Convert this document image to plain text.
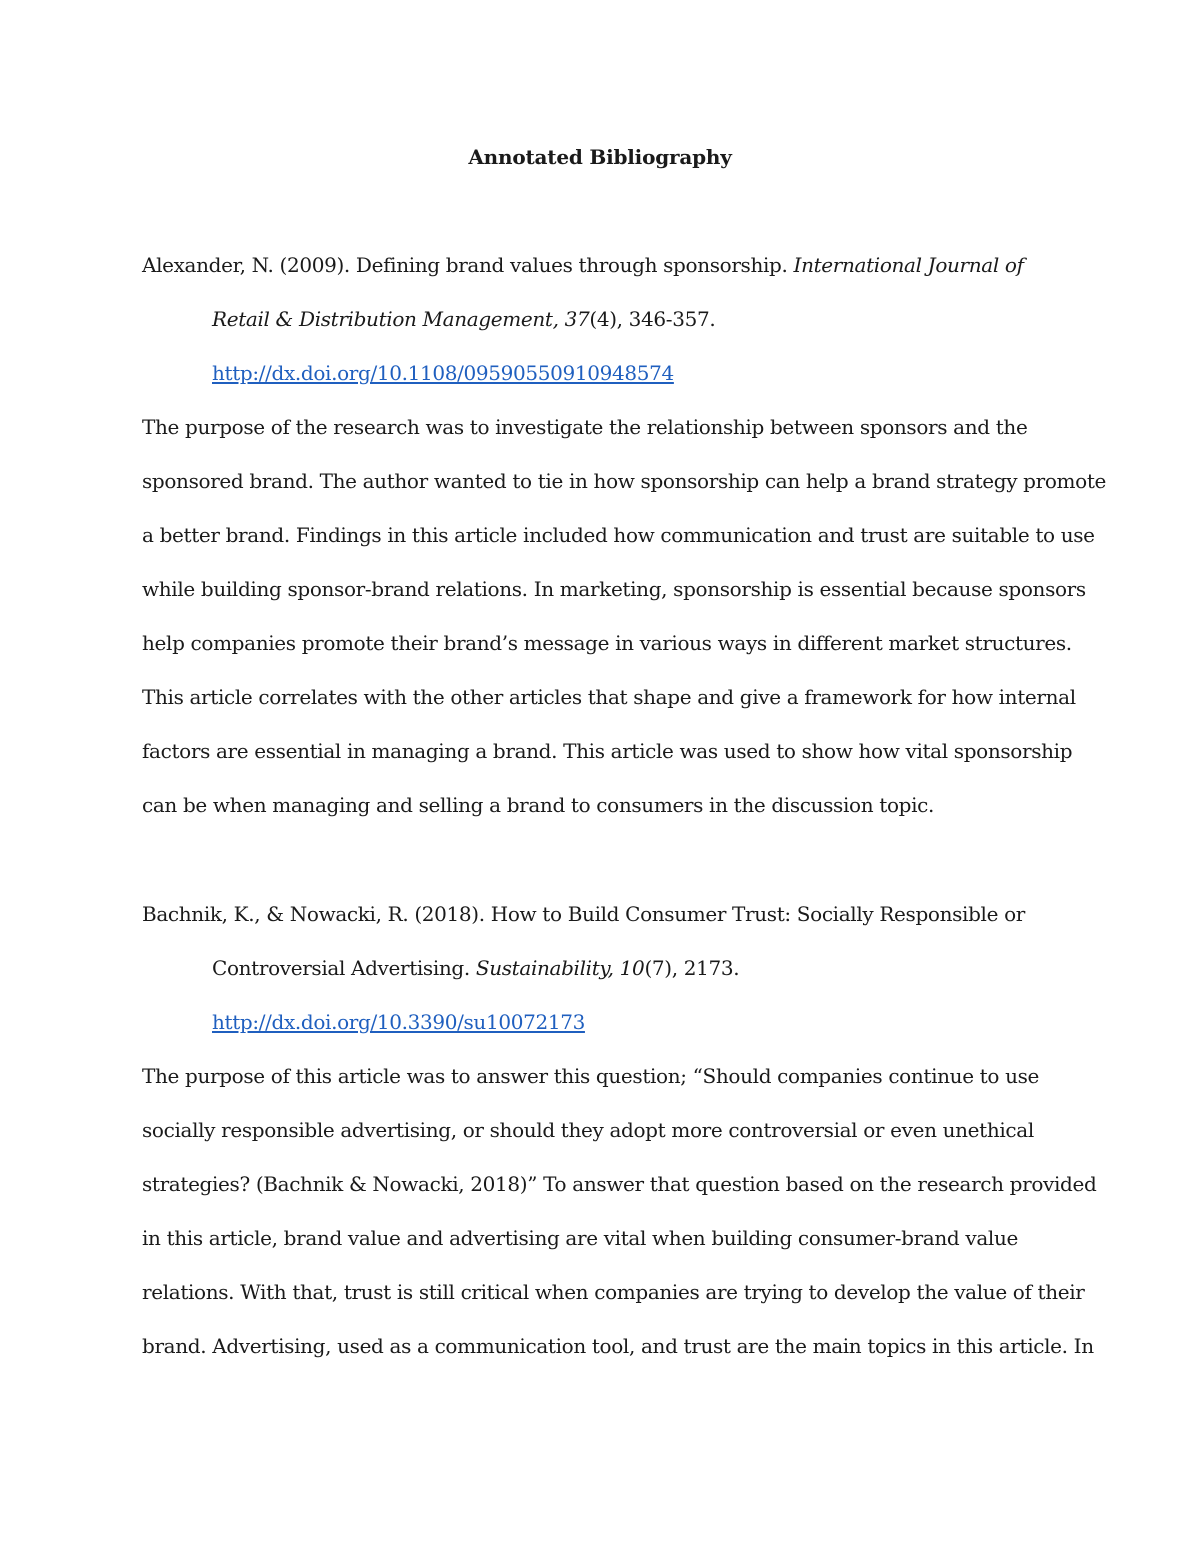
Annotated Bibliography
Alexander, N. (2009). Defining brand values through sponsorship. International Journal of
Retail & Distribution Management, 37(4), 346-357.
http://dx.doi.org/10.1108/09590550910948574
The purpose of the research was to investigate the relationship between sponsors and the
sponsored brand. The author wanted to tie in how sponsorship can help a brand strategy promote
a better brand. Findings in this article included how communication and trust are suitable to use
while building sponsor-brand relations. In marketing, sponsorship is essential because sponsors
help companies promote their brand’s message in various ways in different market structures.
This article correlates with the other articles that shape and give a framework for how internal
factors are essential in managing a brand. This article was used to show how vital sponsorship
can be when managing and selling a brand to consumers in the discussion topic.
Bachnik, K., & Nowacki, R. (2018). How to Build Consumer Trust: Socially Responsible or
Controversial Advertising. Sustainability, 10(7), 2173.
http://dx.doi.org/10.3390/su10072173
The purpose of this article was to answer this question; “Should companies continue to use
socially responsible advertising, or should they adopt more controversial or even unethical
strategies? (Bachnik & Nowacki, 2018)” To answer that question based on the research provided
in this article, brand value and advertising are vital when building consumer-brand value
relations. With that, trust is still critical when companies are trying to develop the value of their
brand. Advertising, used as a communication tool, and trust are the main topics in this article. In
